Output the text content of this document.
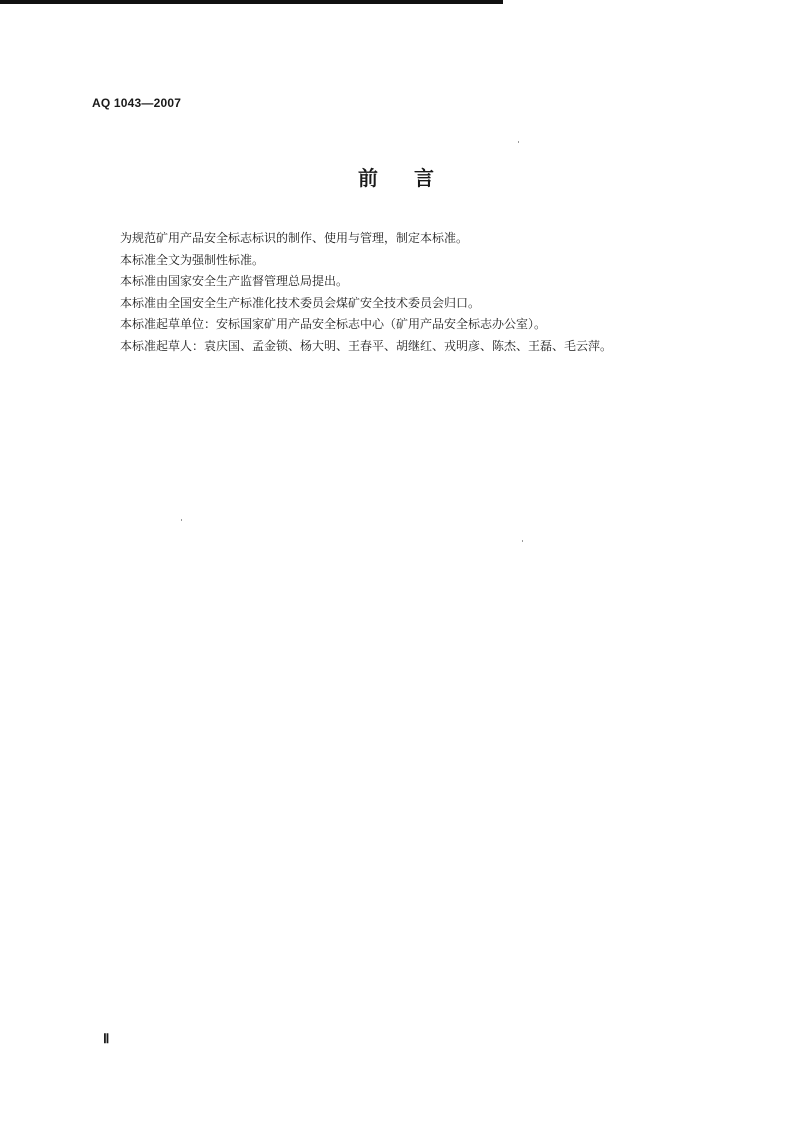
AQ 1043—2007
前言

为规范矿用产品安全标志标识的制作、使用与管理，制定本标准。

本标准全文为强制性标准。

本标准由国家安全生产监督管理总局提出。

本标准由全国安全生产标准化技术委员会煤矿安全技术委员会归口。

本标准起草单位：安标国家矿用产品安全标志中心（矿用产品安全标志办公室）。

本标准起草人：袁庆国、孟金锁、杨大明、王春平、胡继红、戎明彦、陈杰、王磊、毛云萍。

Ⅱ
